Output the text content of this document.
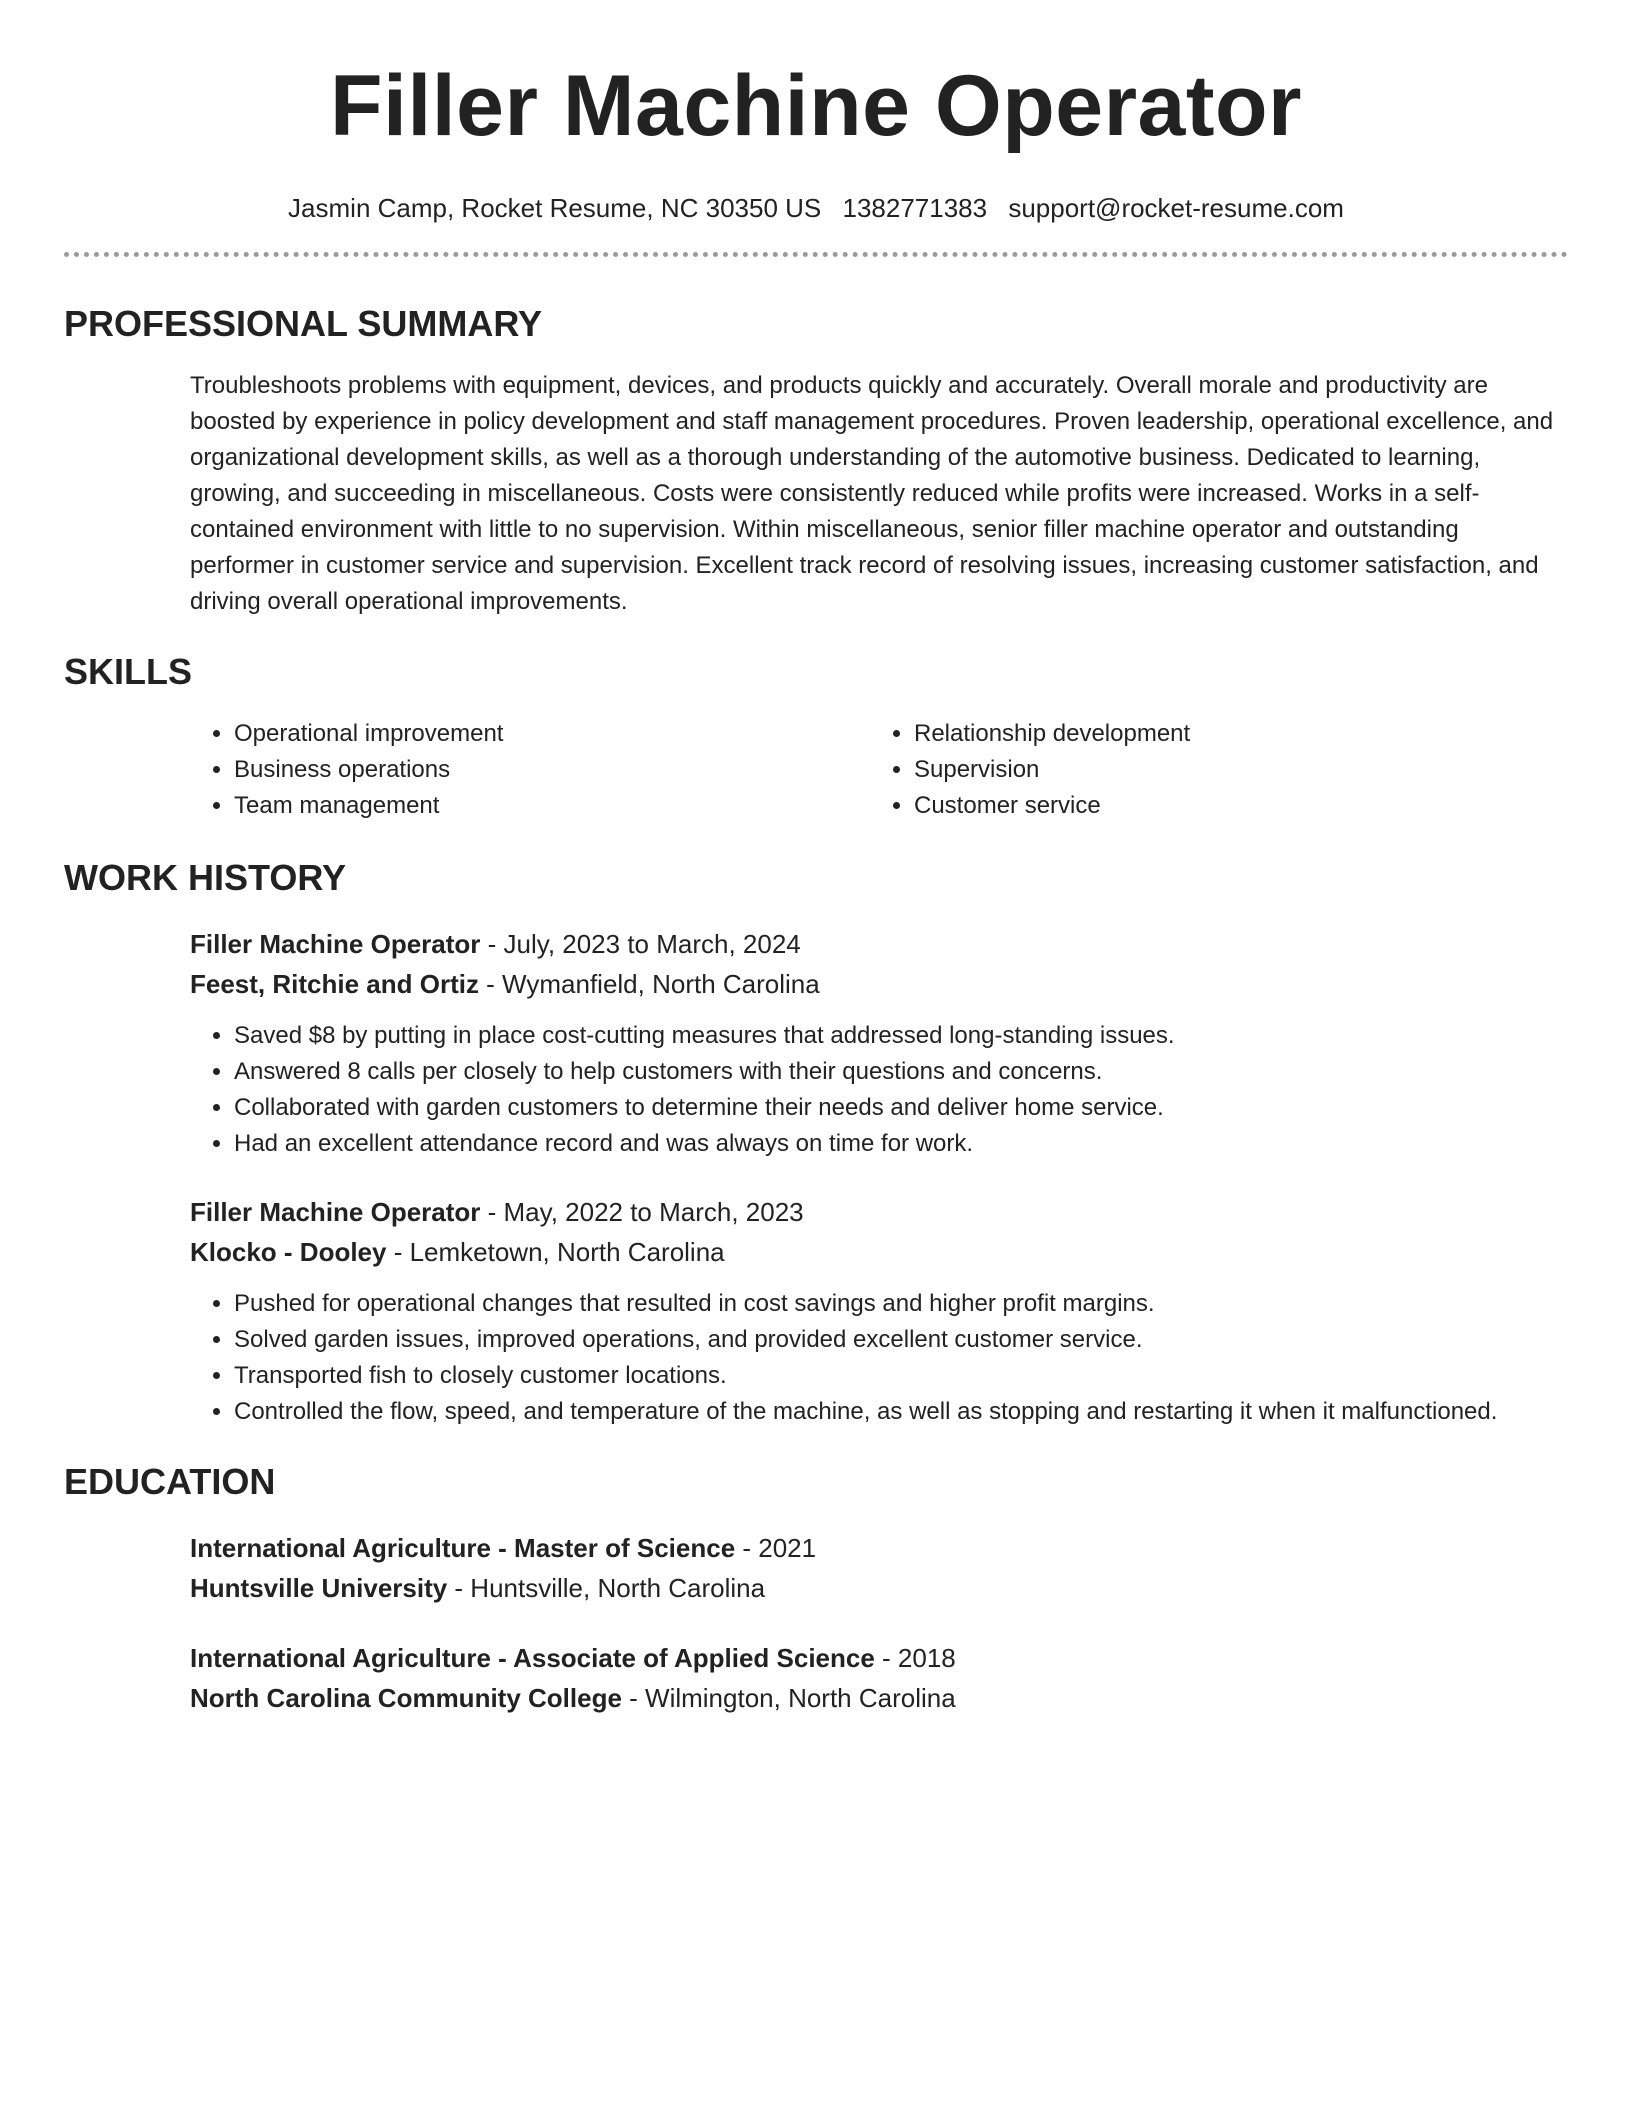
Filler Machine Operator
Jasmin Camp, Rocket Resume, NC 30350 US 1382771383 support@rocket-resume.com
PROFESSIONAL SUMMARY

Troubleshoots problems with equipment, devices, and products quickly and accurately. Overall morale and productivity are boosted by experience in policy development and staff management procedures. Proven leadership, operational excellence, and organizational development skills, as well as a thorough understanding of the automotive business. Dedicated to learning, growing, and succeeding in miscellaneous. Costs were consistently reduced while profits were increased. Works in a self-contained environment with little to no supervision. Within miscellaneous, senior filler machine operator and outstanding performer in customer service and supervision. Excellent track record of resolving issues, increasing customer satisfaction, and driving overall operational improvements.

SKILLS
• Operational improvement
• Business operations
• Team management
• Relationship development
• Supervision
• Customer service
WORK HISTORY
Filler Machine Operator - July, 2023 to March, 2024
Feest, Ritchie and Ortiz - Wymanfield, North Carolina
• Saved $8 by putting in place cost-cutting measures that addressed long-standing issues.
• Answered 8 calls per closely to help customers with their questions and concerns.
• Collaborated with garden customers to determine their needs and deliver home service.
• Had an excellent attendance record and was always on time for work.
Filler Machine Operator - May, 2022 to March, 2023
Klocko - Dooley - Lemketown, North Carolina
• Pushed for operational changes that resulted in cost savings and higher profit margins.
• Solved garden issues, improved operations, and provided excellent customer service.
• Transported fish to closely customer locations.
• Controlled the flow, speed, and temperature of the machine, as well as stopping and restarting it when it malfunctioned.
EDUCATION
International Agriculture - Master of Science - 2021
Huntsville University - Huntsville, North Carolina
International Agriculture - Associate of Applied Science - 2018
North Carolina Community College - Wilmington, North Carolina
